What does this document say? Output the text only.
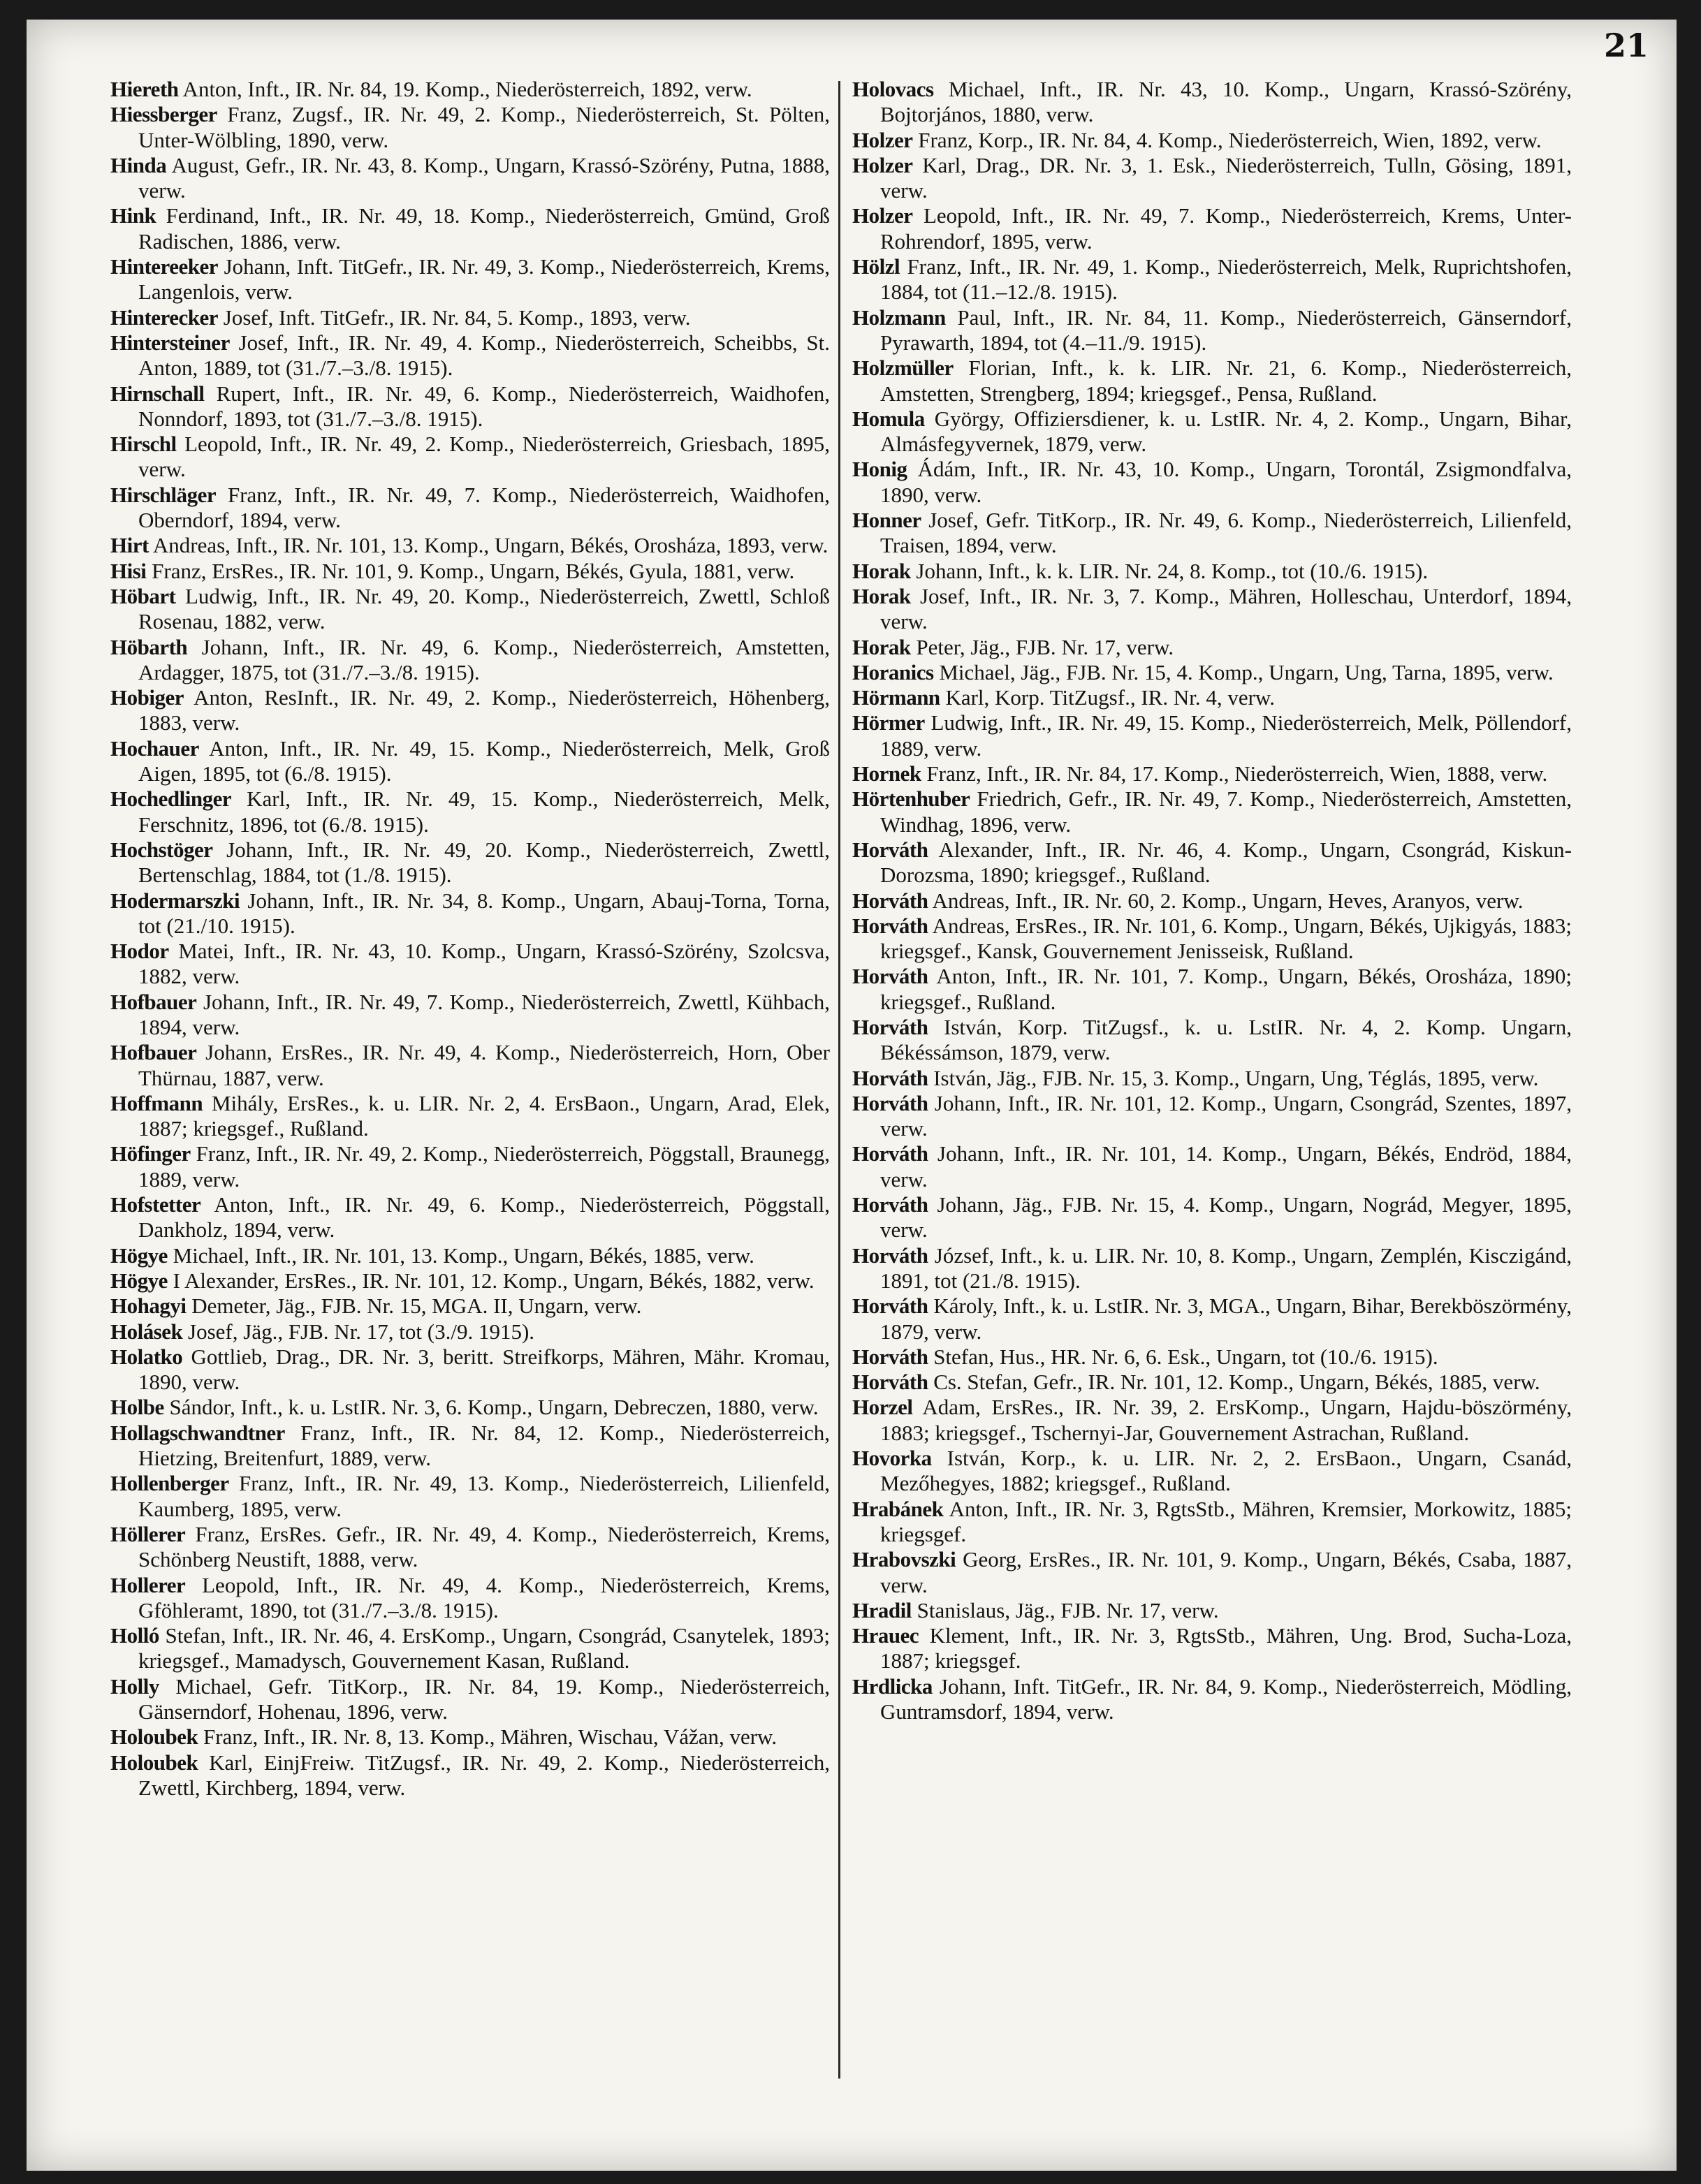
21
Hiereth Anton, Inft., IR. Nr. 84, 19. Komp., Niederösterreich, 1892, verw.
Hiessberger Franz, Zugsf., IR. Nr. 49, 2. Komp., Niederösterreich, St. Pölten, Unter-Wölbling, 1890, verw.
Hinda August, Gefr., IR. Nr. 43, 8. Komp., Ungarn, Krassó-Szörény, Putna, 1888, verw.
Hink Ferdinand, Inft., IR. Nr. 49, 18. Komp., Niederösterreich, Gmünd, Groß Radischen, 1886, verw.
Hintereeker Johann, Inft. TitGefr., IR. Nr. 49, 3. Komp., Niederösterreich, Krems, Langenlois, verw.
Hinterecker Josef, Inft. TitGefr., IR. Nr. 84, 5. Komp., 1893, verw.
Hintersteiner Josef, Inft., IR. Nr. 49, 4. Komp., Niederösterreich, Scheibbs, St. Anton, 1889, tot (31./7.–3./8. 1915).
Hirnschall Rupert, Inft., IR. Nr. 49, 6. Komp., Niederösterreich, Waidhofen, Nonndorf, 1893, tot (31./7.–3./8. 1915).
Hirschl Leopold, Inft., IR. Nr. 49, 2. Komp., Niederösterreich, Griesbach, 1895, verw.
Hirschläger Franz, Inft., IR. Nr. 49, 7. Komp., Niederösterreich, Waidhofen, Oberndorf, 1894, verw.
Hirt Andreas, Inft., IR. Nr. 101, 13. Komp., Ungarn, Békés, Orosháza, 1893, verw.
Hisi Franz, ErsRes., IR. Nr. 101, 9. Komp., Ungarn, Békés, Gyula, 1881, verw.
Höbart Ludwig, Inft., IR. Nr. 49, 20. Komp., Niederösterreich, Zwettl, Schloß Rosenau, 1882, verw.
Höbarth Johann, Inft., IR. Nr. 49, 6. Komp., Niederösterreich, Amstetten, Ardagger, 1875, tot (31./7.–3./8. 1915).
Hobiger Anton, ResInft., IR. Nr. 49, 2. Komp., Niederösterreich, Höhenberg, 1883, verw.
Hochauer Anton, Inft., IR. Nr. 49, 15. Komp., Niederösterreich, Melk, Groß Aigen, 1895, tot (6./8. 1915).
Hochedlinger Karl, Inft., IR. Nr. 49, 15. Komp., Niederösterreich, Melk, Ferschnitz, 1896, tot (6./8. 1915).
Hochstöger Johann, Inft., IR. Nr. 49, 20. Komp., Niederösterreich, Zwettl, Bertenschlag, 1884, tot (1./8. 1915).
Hodermarszki Johann, Inft., IR. Nr. 34, 8. Komp., Ungarn, Abauj-Torna, Torna, tot (21./10. 1915).
Hodor Matei, Inft., IR. Nr. 43, 10. Komp., Ungarn, Krassó-Szörény, Szolcsva, 1882, verw.
Hofbauer Johann, Inft., IR. Nr. 49, 7. Komp., Niederösterreich, Zwettl, Kühbach, 1894, verw.
Hofbauer Johann, ErsRes., IR. Nr. 49, 4. Komp., Niederösterreich, Horn, Ober Thürnau, 1887, verw.
Hoffmann Mihály, ErsRes., k. u. LIR. Nr. 2, 4. ErsBaon., Ungarn, Arad, Elek, 1887; kriegsgef., Rußland.
Höfinger Franz, Inft., IR. Nr. 49, 2. Komp., Niederösterreich, Pöggstall, Braunegg, 1889, verw.
Hofstetter Anton, Inft., IR. Nr. 49, 6. Komp., Niederösterreich, Pöggstall, Dankholz, 1894, verw.
Högye Michael, Inft., IR. Nr. 101, 13. Komp., Ungarn, Békés, 1885, verw.
Högye I Alexander, ErsRes., IR. Nr. 101, 12. Komp., Ungarn, Békés, 1882, verw.
Hohagyi Demeter, Jäg., FJB. Nr. 15, MGA. II, Ungarn, verw.
Holásek Josef, Jäg., FJB. Nr. 17, tot (3./9. 1915).
Holatko Gottlieb, Drag., DR. Nr. 3, beritt. Streifkorps, Mähren, Mähr. Kromau, 1890, verw.
Holbe Sándor, Inft., k. u. LstIR. Nr. 3, 6. Komp., Ungarn, Debreczen, 1880, verw.
Hollagschwandtner Franz, Inft., IR. Nr. 84, 12. Komp., Niederösterreich, Hietzing, Breitenfurt, 1889, verw.
Hollenberger Franz, Inft., IR. Nr. 49, 13. Komp., Niederösterreich, Lilienfeld, Kaumberg, 1895, verw.
Höllerer Franz, ErsRes. Gefr., IR. Nr. 49, 4. Komp., Niederösterreich, Krems, Schönberg Neustift, 1888, verw.
Hollerer Leopold, Inft., IR. Nr. 49, 4. Komp., Niederösterreich, Krems, Gföhleramt, 1890, tot (31./7.–3./8. 1915).
Holló Stefan, Inft., IR. Nr. 46, 4. ErsKomp., Ungarn, Csongrád, Csanytelek, 1893; kriegsgef., Mamadysch, Gouvernement Kasan, Rußland.
Holly Michael, Gefr. TitKorp., IR. Nr. 84, 19. Komp., Niederösterreich, Gänserndorf, Hohenau, 1896, verw.
Holoubek Franz, Inft., IR. Nr. 8, 13. Komp., Mähren, Wischau, Vážan, verw.
Holoubek Karl, EinjFreiw. TitZugsf., IR. Nr. 49, 2. Komp., Niederösterreich, Zwettl, Kirchberg, 1894, verw.
Holovacs Michael, Inft., IR. Nr. 43, 10. Komp., Ungarn, Krassó-Szörény, Bojtorjános, 1880, verw.
Holzer Franz, Korp., IR. Nr. 84, 4. Komp., Niederösterreich, Wien, 1892, verw.
Holzer Karl, Drag., DR. Nr. 3, 1. Esk., Niederösterreich, Tulln, Gösing, 1891, verw.
Holzer Leopold, Inft., IR. Nr. 49, 7. Komp., Niederösterreich, Krems, Unter-Rohrendorf, 1895, verw.
Hölzl Franz, Inft., IR. Nr. 49, 1. Komp., Niederösterreich, Melk, Ruprichtshofen, 1884, tot (11.–12./8. 1915).
Holzmann Paul, Inft., IR. Nr. 84, 11. Komp., Niederösterreich, Gänserndorf, Pyrawarth, 1894, tot (4.–11./9. 1915).
Holzmüller Florian, Inft., k. k. LIR. Nr. 21, 6. Komp., Niederösterreich, Amstetten, Strengberg, 1894; kriegsgef., Pensa, Rußland.
Homula György, Offiziersdiener, k. u. LstIR. Nr. 4, 2. Komp., Ungarn, Bihar, Almásfegyvernek, 1879, verw.
Honig Ádám, Inft., IR. Nr. 43, 10. Komp., Ungarn, Torontál, Zsigmondfalva, 1890, verw.
Honner Josef, Gefr. TitKorp., IR. Nr. 49, 6. Komp., Niederösterreich, Lilienfeld, Traisen, 1894, verw.
Horak Johann, Inft., k. k. LIR. Nr. 24, 8. Komp., tot (10./6. 1915).
Horak Josef, Inft., IR. Nr. 3, 7. Komp., Mähren, Holleschau, Unterdorf, 1894, verw.
Horak Peter, Jäg., FJB. Nr. 17, verw.
Horanics Michael, Jäg., FJB. Nr. 15, 4. Komp., Ungarn, Ung, Tarna, 1895, verw.
Hörmann Karl, Korp. TitZugsf., IR. Nr. 4, verw.
Hörmer Ludwig, Inft., IR. Nr. 49, 15. Komp., Niederösterreich, Melk, Pöllendorf, 1889, verw.
Hornek Franz, Inft., IR. Nr. 84, 17. Komp., Niederösterreich, Wien, 1888, verw.
Hörtenhuber Friedrich, Gefr., IR. Nr. 49, 7. Komp., Niederösterreich, Amstetten, Windhag, 1896, verw.
Horváth Alexander, Inft., IR. Nr. 46, 4. Komp., Ungarn, Csongrád, Kiskun-Dorozsma, 1890; kriegsgef., Rußland.
Horváth Andreas, Inft., IR. Nr. 60, 2. Komp., Ungarn, Heves, Aranyos, verw.
Horváth Andreas, ErsRes., IR. Nr. 101, 6. Komp., Ungarn, Békés, Ujkigyás, 1883; kriegsgef., Kansk, Gouvernement Jenisseisk, Rußland.
Horváth Anton, Inft., IR. Nr. 101, 7. Komp., Ungarn, Békés, Orosháza, 1890; kriegsgef., Rußland.
Horváth István, Korp. TitZugsf., k. u. LstIR. Nr. 4, 2. Komp. Ungarn, Békéssámson, 1879, verw.
Horváth István, Jäg., FJB. Nr. 15, 3. Komp., Ungarn, Ung, Téglás, 1895, verw.
Horváth Johann, Inft., IR. Nr. 101, 12. Komp., Ungarn, Csongrád, Szentes, 1897, verw.
Horváth Johann, Inft., IR. Nr. 101, 14. Komp., Ungarn, Békés, Endröd, 1884, verw.
Horváth Johann, Jäg., FJB. Nr. 15, 4. Komp., Ungarn, Nográd, Megyer, 1895, verw.
Horváth József, Inft., k. u. LIR. Nr. 10, 8. Komp., Ungarn, Zemplén, Kisczigánd, 1891, tot (21./8. 1915).
Horváth Károly, Inft., k. u. LstIR. Nr. 3, MGA., Ungarn, Bihar, Berekböszörmény, 1879, verw.
Horváth Stefan, Hus., HR. Nr. 6, 6. Esk., Ungarn, tot (10./6. 1915).
Horváth Cs. Stefan, Gefr., IR. Nr. 101, 12. Komp., Ungarn, Békés, 1885, verw.
Horzel Adam, ErsRes., IR. Nr. 39, 2. ErsKomp., Ungarn, Hajdu-böszörmény, 1883; kriegsgef., Tschernyi-Jar, Gouvernement Astrachan, Rußland.
Hovorka István, Korp., k. u. LIR. Nr. 2, 2. ErsBaon., Ungarn, Csanád, Mezőhegyes, 1882; kriegsgef., Rußland.
Hrabánek Anton, Inft., IR. Nr. 3, RgtsStb., Mähren, Kremsier, Morkowitz, 1885; kriegsgef.
Hrabovszki Georg, ErsRes., IR. Nr. 101, 9. Komp., Ungarn, Békés, Csaba, 1887, verw.
Hradil Stanislaus, Jäg., FJB. Nr. 17, verw.
Hrauec Klement, Inft., IR. Nr. 3, RgtsStb., Mähren, Ung. Brod, Sucha-Loza, 1887; kriegsgef.
Hrdlicka Johann, Inft. TitGefr., IR. Nr. 84, 9. Komp., Niederösterreich, Mödling, Guntramsdorf, 1894, verw.
